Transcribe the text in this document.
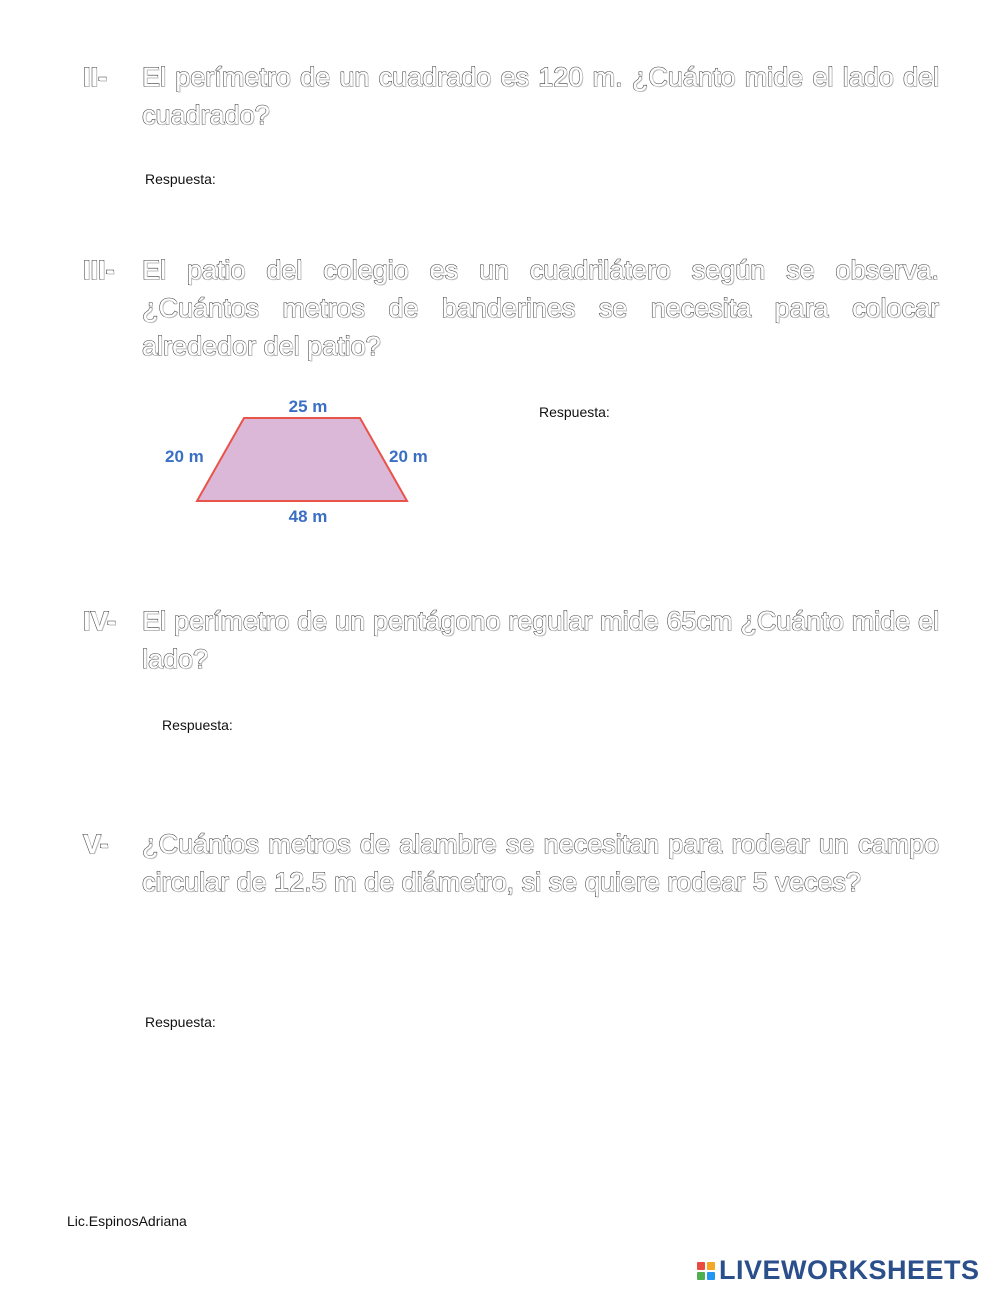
II- El perímetro de un cuadrado es 120 m. ¿Cuánto mide el lado del cuadrado?
Respuesta:
III- El patio del colegio es un cuadrilátero según se observa. ¿Cuántos metros de banderines se necesita para colocar alrededor del patio?
25 m
20 m	20 m
48 m
Respuesta:
IV- El perímetro de un pentágono regular mide 65cm ¿Cuánto mide el lado?
Respuesta:
V- ¿Cuántos metros de alambre se necesitan para rodear un campo circular de 12.5 m de diámetro, si se quiere rodear 5 veces?
Respuesta:
Lic.EspinosAdriana
LIVEWORKSHEETS
